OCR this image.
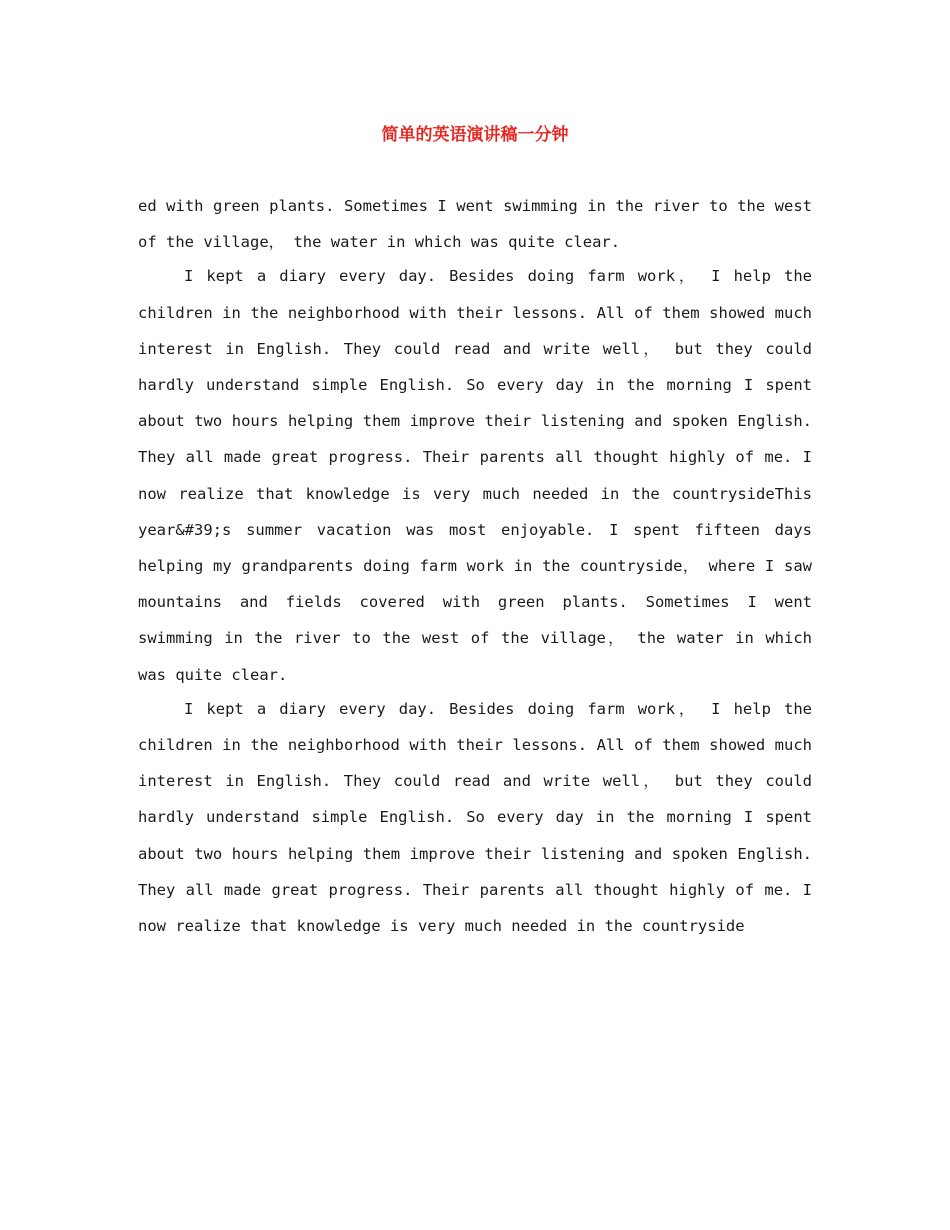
简单的英语演讲稿一分钟

ed with green plants. Sometimes I went swimming in the river to the west of the village， the water in which was quite clear.

I kept a diary every day. Besides doing farm work， I help the children in the neighborhood with their lessons. All of them showed much interest in English. They could read and write well， but they could hardly understand simple English. So every day in the morning I spent about two hours helping them improve their listening and spoken English. They all made great progress. Their parents all thought highly of me. I now realize that knowledge is very much needed in the countrysideThis year&#39;s summer vacation was most enjoyable. I spent fifteen days helping my grandparents doing farm work in the countryside， where I saw mountains and fields covered with green plants. Sometimes I went swimming in the river to the west of the village， the water in which was quite clear.

I kept a diary every day. Besides doing farm work， I help the children in the neighborhood with their lessons. All of them showed much interest in English. They could read and write well， but they could hardly understand simple English. So every day in the morning I spent about two hours helping them improve their listening and spoken English. They all made great progress. Their parents all thought highly of me. I now realize that knowledge is very much needed in the countryside
